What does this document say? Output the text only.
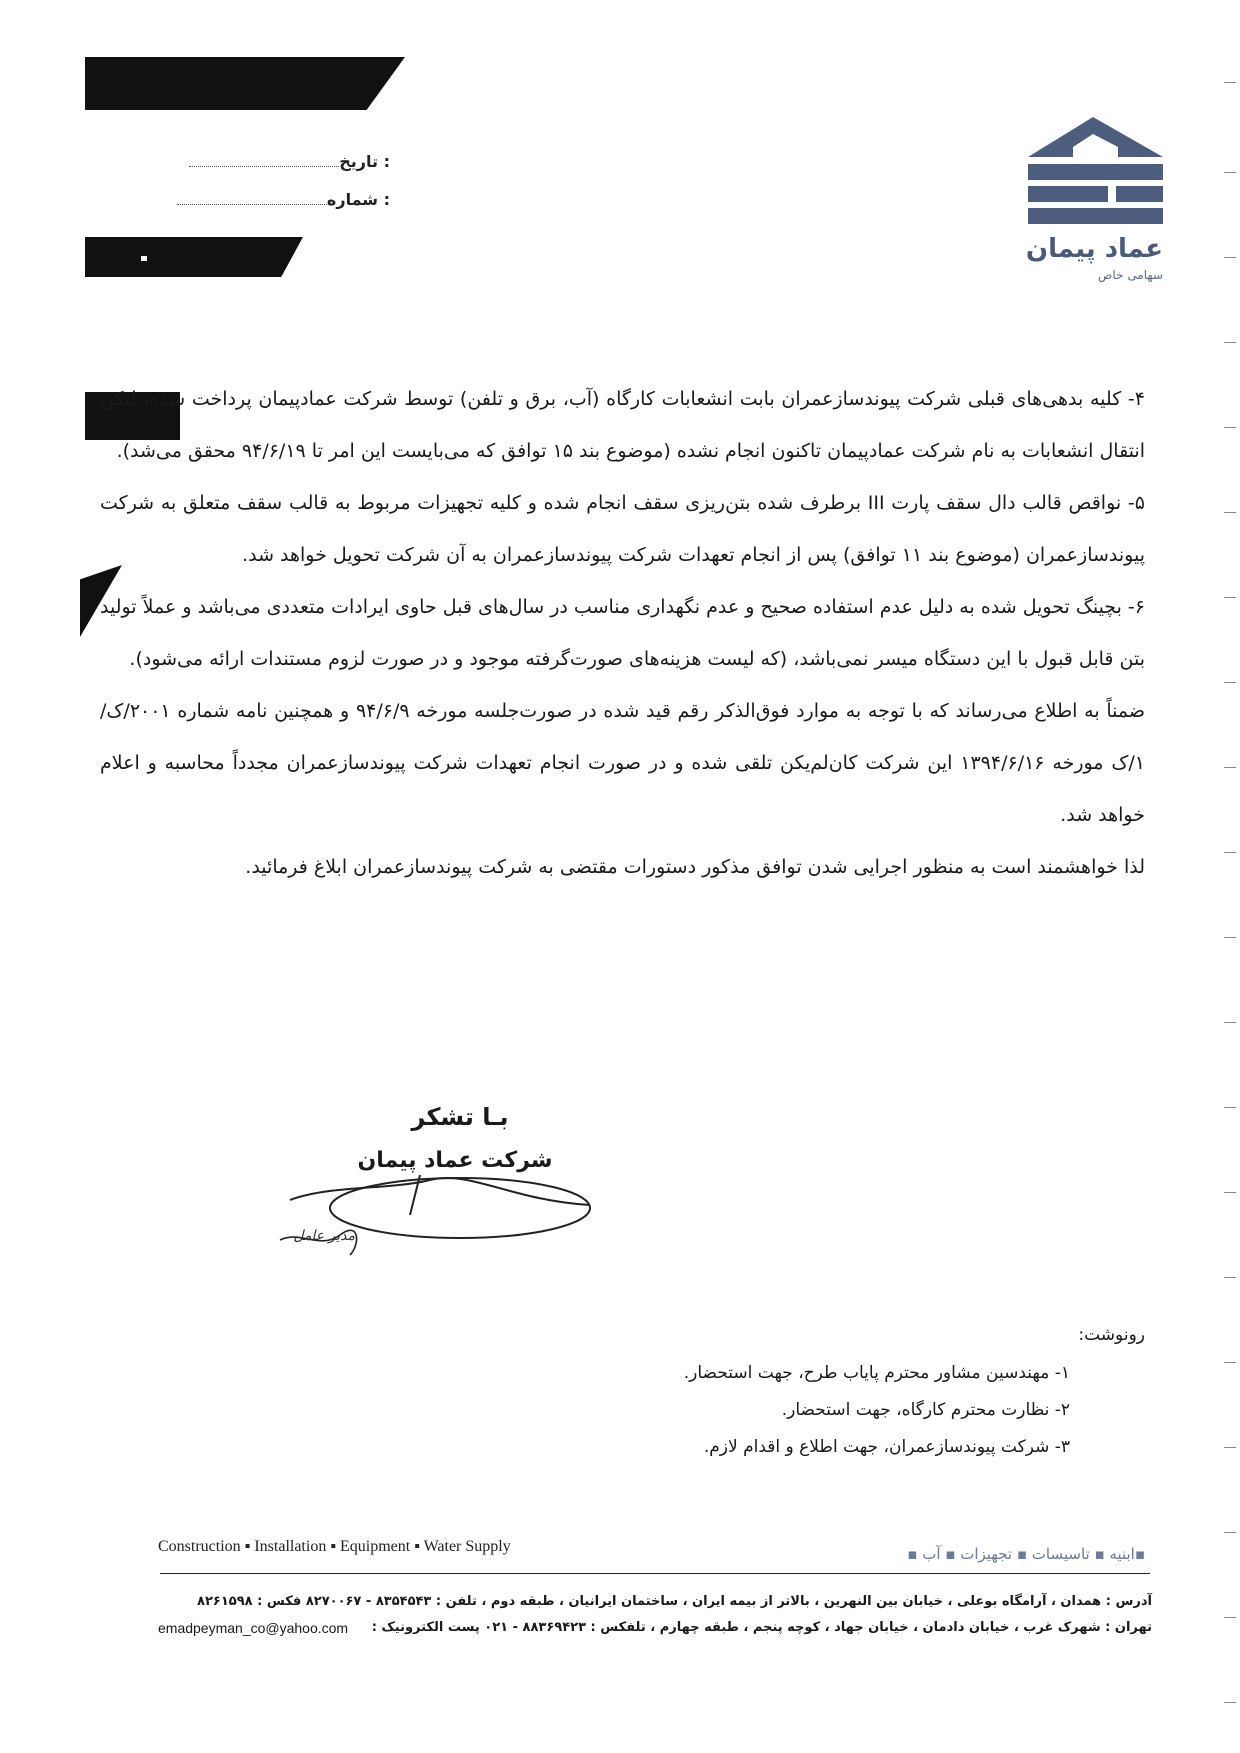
: تاریخ
: شماره
عماد پیمان
سهامی خاص

۴- کلیه بدهی‌های قبلی شرکت پیوندسازعمران بابت انشعابات کارگاه (آب، برق و تلفن) توسط شرکت عمادپیمان پرداخت شده، لیکن انتقال انشعابات به نام شرکت عمادپیمان تاکنون انجام نشده (موضوع بند ۱۵ توافق که می‌بایست این امر تا ۹۴/۶/۱۹ محقق می‌شد).

۵- نواقص قالب دال سقف پارت III برطرف شده بتن‌ریزی سقف انجام شده و کلیه تجهیزات مربوط به قالب سقف متعلق به شرکت پیوندسازعمران (موضوع بند ۱۱ توافق) پس از انجام تعهدات شرکت پیوندسازعمران به آن شرکت تحویل خواهد شد.

۶- بچینگ تحویل شده به دلیل عدم استفاده صحیح و عدم نگهداری مناسب در سال‌های قبل حاوی ایرادات متعددی می‌باشد و عملاً تولید بتن قابل قبول با این دستگاه میسر نمی‌باشد، (که لیست هزینه‌های صورت‌گرفته موجود و در صورت لزوم مستندات ارائه می‌شود).

ضمناً به اطلاع می‌رساند که با توجه به موارد فوق‌الذکر رقم قید شده در صورت‌جلسه مورخه ۹۴/۶/۹ و همچنین نامه شماره ۲۰۰۱/ک/۱/ک مورخه ۱۳۹۴/۶/۱۶ این شرکت کان‌لم‌یکن تلقی شده و در صورت انجام تعهدات شرکت پیوندسازعمران مجدداً محاسبه و اعلام خواهد شد.

لذا خواهشمند است به منظور اجرایی شدن توافق مذکور دستورات مقتضی به شرکت پیوندسازعمران ابلاغ فرمائید.

بـا تشکر
شرکت عماد پیمان
مدیر عامل
رونوشت:
۱- مهندسین مشاور محترم پایاب طرح، جهت استحضار.
۲- نظارت محترم کارگاه، جهت استحضار.
۳- شرکت پیوندسازعمران، جهت اطلاع و اقدام لازم.
Construction ▪ Installation ▪ Equipment ▪ Water Supply	▪ابنیه ▪ تاسیسات ▪ تجهیزات ▪ آب ▪
آدرس : همدان ، آرامگاه بوعلی ، خیابان بین النهرین ، بالاتر از بیمه ایران ، ساختمان ایرانیان ، طبقه دوم ، تلفن : ۸۳۵۴۵۴۳ - ۸۲۷۰۰۶۷ فکس : ۸۲۶۱۵۹۸
تهران : شهرک غرب ، خیابان دادمان ، خیابان جهاد ، کوچه پنجم ، طبقه چهارم ، تلفکس : ۸۸۳۶۹۴۲۳ - ۰۲۱ پست الکترونیک :
emadpeyman_co@yahoo.com
